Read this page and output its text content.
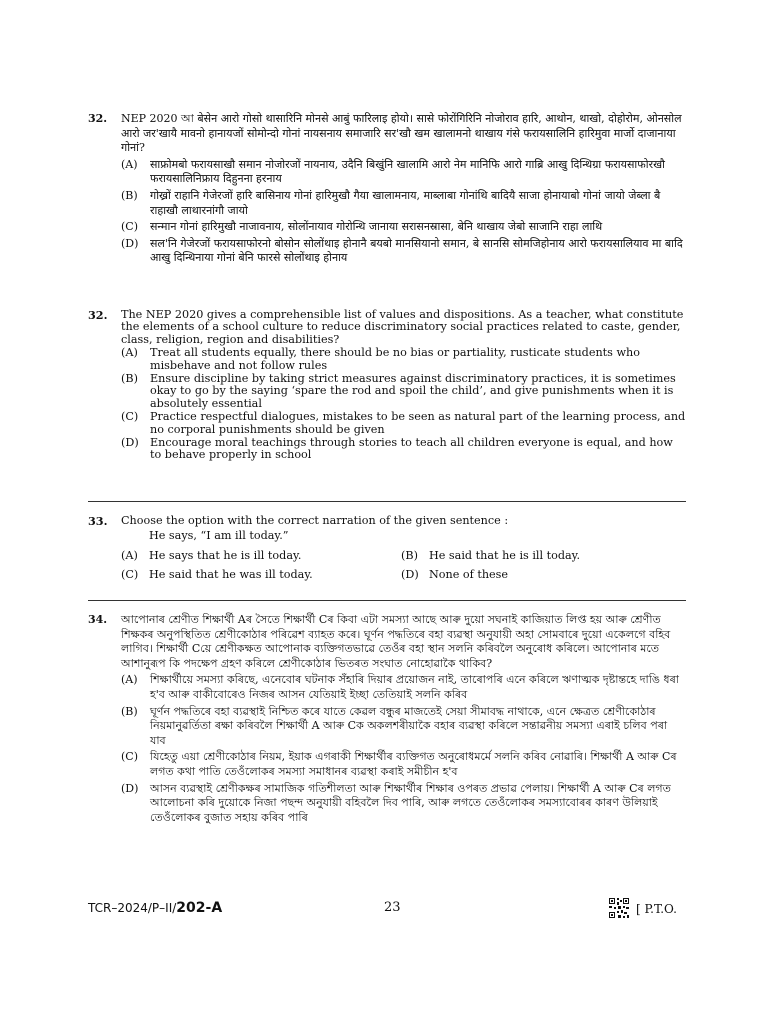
32. NEP 2020 আ बेसेन आरो गोसो थासारिनि मोनसे आबुं फारिलाइ होयो। सासे फोरोंगिरिनि नोजोराव हारि, आथोन, थाखो, दोहोरोम, ओनसोल आरो जर'खायै मावनो हानायजों सोमोन्दो गोनां नायसनाय समाजारि सर'खौ खम खालामनो थाखाय गंसे फरायसालिनि हारिमुवा मार्जो दाजानाया गोनां?
(A) साफ्रोमबो फरायसाखौ समान नोजोरजों नायनाय, उदैनि बिखुंनि खालामि आरो नेम मानिफि आरो गाब्रि आखु दिन्थिग्रा फरायसाफोरखौ फरायसालिनिफ्राय दिहुनना हरनाय
(B) गोख्रों राहानि गेजेरजों हारि बासिनाय गोनां हारिमुखौ गैया खालामनाय, माब्लाबा गोनांथि बादियै साजा होनायाबो गोनां जायो जेब्ला बै राहाखौ लाथारनांगौ जायो
(C) सन्मान गोनां हारिमुखौ नाजावनाय, सोलोंनायाव गोरोन्थि जानाया सरासनस्रासा, बेनि थाखाय जेबो साजानि राहा लाथि
(D) सल'नि गेजेरजों फरायसाफोरनो बोसोन सोलोंथाइ होनानै बयबो मानसियानो समान, बे सानसि सोमजिहोनाय आरो फरायसालियाव मा बादि आखु दिन्थिनाया गोनां बेनि फारसे सोलोंथाइ होनाय
32. The NEP 2020 gives a comprehensible list of values and dispositions. As a teacher, what constitute the elements of a school culture to reduce discriminatory social practices related to caste, gender, class, religion, region and disabilities?
(A) Treat all students equally, there should be no bias or partiality, rusticate students who misbehave and not follow rules
(B) Ensure discipline by taking strict measures against discriminatory practices, it is sometimes okay to go by the saying ‘spare the rod and spoil the child’, and give punishments when it is absolutely essential
(C) Practice respectful dialogues, mistakes to be seen as natural part of the learning process, and no corporal punishments should be given
(D) Encourage moral teachings through stories to teach all children everyone is equal, and how to behave properly in school
33. Choose the option with the correct narration of the given sentence :
He says, “I am ill today.”
(A) He says that he is ill today.	(B) He said that he is ill today.
(C) He said that he was ill today.	(D) None of these
34. আপোনাৰ শ্ৰেণীত শিক্ষাৰ্থী Aৰ সৈতে শিক্ষাৰ্থী Cৰ কিবা এটা সমস্যা আছে আৰু দুয়ো সঘনাই কাজিয়াত লিপ্ত হয় আৰু শ্ৰেণীত শিক্ষকৰ অনুপস্থিতিত শ্ৰেণীকোঠাৰ পৰিৱেশ ব্যাহত কৰে। ঘূৰ্ণন পদ্ধতিৰে বহা ব্যৱস্থা অনুযায়ী অহা সোমবাৰে দুয়ো একেলগে বহিব লাগিব। শিক্ষাৰ্থী Cয়ে শ্ৰেণীকক্ষত আপোনাক ব্যক্তিগতভাৱে তেওঁৰ বহা স্থান সলনি কৰিবলৈ অনুৰোধ কৰিলে। আপোনাৰ মতে আশানুৰূপ কি পদক্ষেপ গ্ৰহণ কৰিলে শ্ৰেণীকোঠাৰ ভিতৰত সংঘাত নোহোৱাকৈ থাকিব?
(A) শিক্ষাৰ্থীয়ে সমস্যা কৰিছে, এনেবোৰ ঘটনাক সঁহাৰি দিয়াৰ প্ৰয়োজন নাই, তাৰোপৰি এনে কৰিলে ঋণাত্মক দৃষ্টান্তহে দাঙি ধৰা হ'ব আৰু বাকীবোৰেও নিজৰ আসন যেতিয়াই ইচ্ছা তেতিয়াই সলনি কৰিব
(B) ঘূৰ্ণন পদ্ধতিৰে বহা ব্যৱস্থাই নিশ্চিত কৰে যাতে কেৱল বন্ধুৰ মাজতেই সেয়া সীমাবদ্ধ নাথাকে, এনে ক্ষেত্ৰত শ্ৰেণীকোঠাৰ নিয়মানুৱৰ্তিতা ৰক্ষা কৰিবলৈ শিক্ষাৰ্থী A আৰু Cক অকলশৰীয়াকৈ বহাৰ ব্যৱস্থা কৰিলে সন্তাৱনীয় সমস্যা এৰাই চলিব পৰা যাব
(C) যিহেতু এয়া শ্ৰেণীকোঠাৰ নিয়ম, ইয়াক এগৰাকী শিক্ষাৰ্থীৰ ব্যক্তিগত অনুৰোধমৰ্মে সলনি কৰিব নোৱাৰি। শিক্ষাৰ্থী A আৰু Cৰ লগত কথা পাতি তেওঁলোকৰ সমস্যা সমাধানৰ ব্যৱস্থা কৰাই সমীচীন হ'ব
(D) আসন ব্যৱস্থাই শ্ৰেণীকক্ষৰ সামাজিক গতিশীলতা আৰু শিক্ষাৰ্থীৰ শিক্ষাৰ ওপৰত প্ৰভাৱ পেলায়। শিক্ষাৰ্থী A আৰু Cৰ লগত আলোচনা কৰি দুয়োকে নিজা পছন্দ অনুযায়ী বহিবলৈ দিব পাৰি, আৰু লগতে তেওঁলোকৰ সমস্যাবোৰৰ কাৰণ উলিয়াই তেওঁলোকৰ বুজাত সহায় কৰিব পাৰি
TCR–2024/P–II/202-A	23	[ P.T.O.
